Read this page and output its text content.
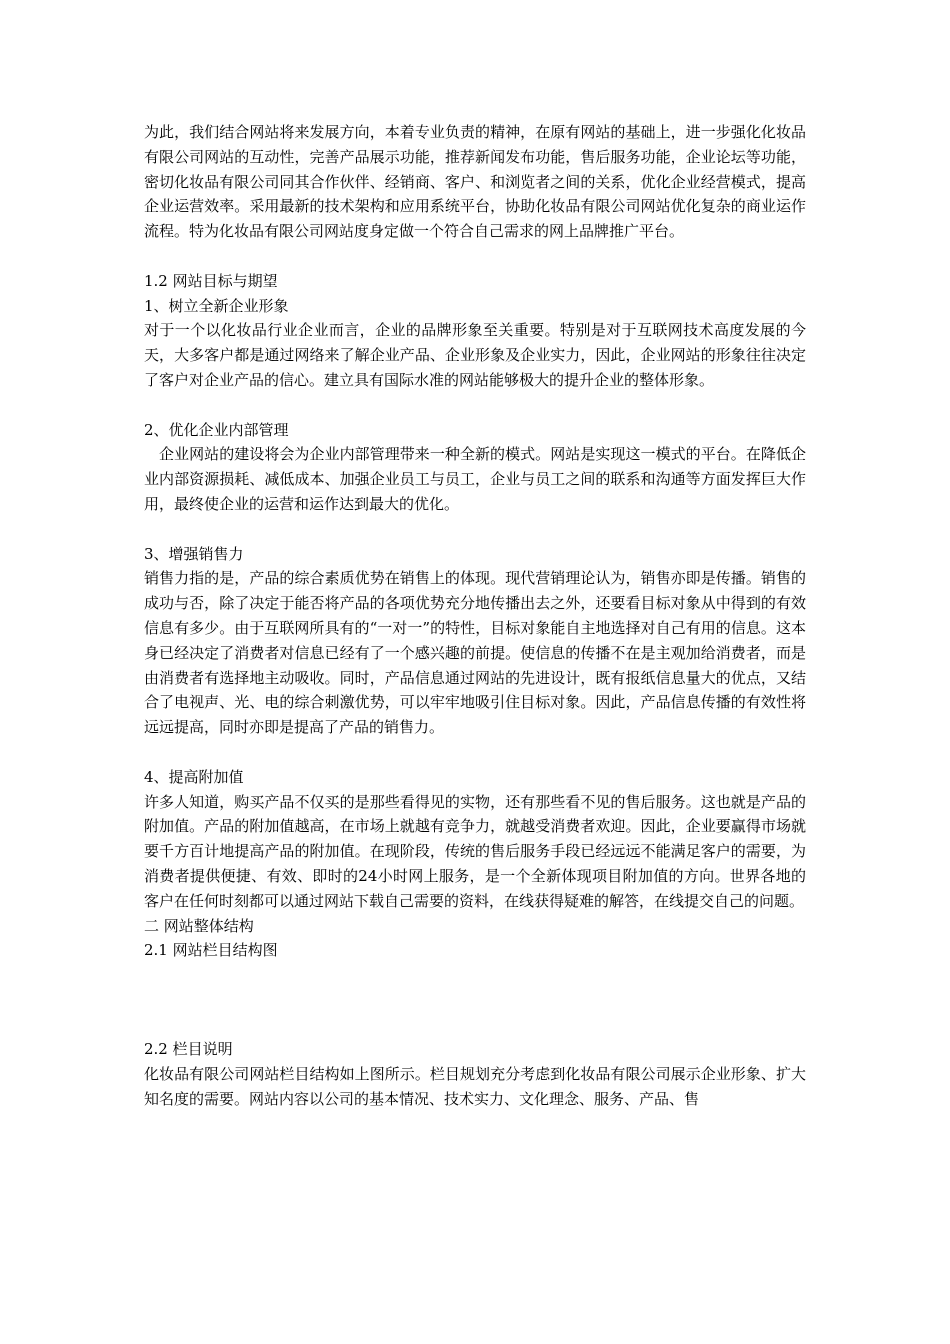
为此，我们结合网站将来发展方向，本着专业负责的精神，在原有网站的基础上，进一步强化化妆品有限公司网站的互动性，完善产品展示功能，推荐新闻发布功能，售后服务功能，企业论坛等功能，密切化妆品有限公司同其合作伙伴、经销商、客户、和浏览者之间的关系，优化企业经营模式，提高企业运营效率。采用最新的技术架构和应用系统平台，协助化妆品有限公司网站优化复杂的商业运作流程。特为化妆品有限公司网站度身定做一个符合自己需求的网上品牌推广平台。

1.2 网站目标与期望

1、树立全新企业形象

对于一个以化妆品行业企业而言，企业的品牌形象至关重要。特别是对于互联网技术高度发展的今天，大多客户都是通过网络来了解企业产品、企业形象及企业实力，因此，企业网站的形象往往决定了客户对企业产品的信心。建立具有国际水准的网站能够极大的提升企业的整体形象。

2、优化企业内部管理

企业网站的建设将会为企业内部管理带来一种全新的模式。网站是实现这一模式的平台。在降低企业内部资源损耗、减低成本、加强企业员工与员工，企业与员工之间的联系和沟通等方面发挥巨大作用，最终使企业的运营和运作达到最大的优化。

3、增强销售力

销售力指的是，产品的综合素质优势在销售上的体现。现代营销理论认为，销售亦即是传播。销售的成功与否，除了决定于能否将产品的各项优势充分地传播出去之外，还要看目标对象从中得到的有效信息有多少。由于互联网所具有的“一对一”的特性，目标对象能自主地选择对自己有用的信息。这本身已经决定了消费者对信息已经有了一个感兴趣的前提。使信息的传播不在是主观加给消费者，而是由消费者有选择地主动吸收。同时，产品信息通过网站的先进设计，既有报纸信息量大的优点，又结合了电视声、光、电的综合刺激优势，可以牢牢地吸引住目标对象。因此，产品信息传播的有效性将远远提高，同时亦即是提高了产品的销售力。

4、提高附加值

许多人知道，购买产品不仅买的是那些看得见的实物，还有那些看不见的售后服务。这也就是产品的附加值。产品的附加值越高，在市场上就越有竞争力，就越受消费者欢迎。因此，企业要赢得市场就要千方百计地提高产品的附加值。在现阶段，传统的售后服务手段已经远远不能满足客户的需要，为消费者提供便捷、有效、即时的24小时网上服务，是一个全新体现项目附加值的方向。世界各地的客户在任何时刻都可以通过网站下载自己需要的资料，在线获得疑难的解答，在线提交自己的问题。

二 网站整体结构

2.1 网站栏目结构图

2.2 栏目说明

化妆品有限公司网站栏目结构如上图所示。栏目规划充分考虑到化妆品有限公司展示企业形象、扩大知名度的需要。网站内容以公司的基本情况、技术实力、文化理念、服务、产品、售
